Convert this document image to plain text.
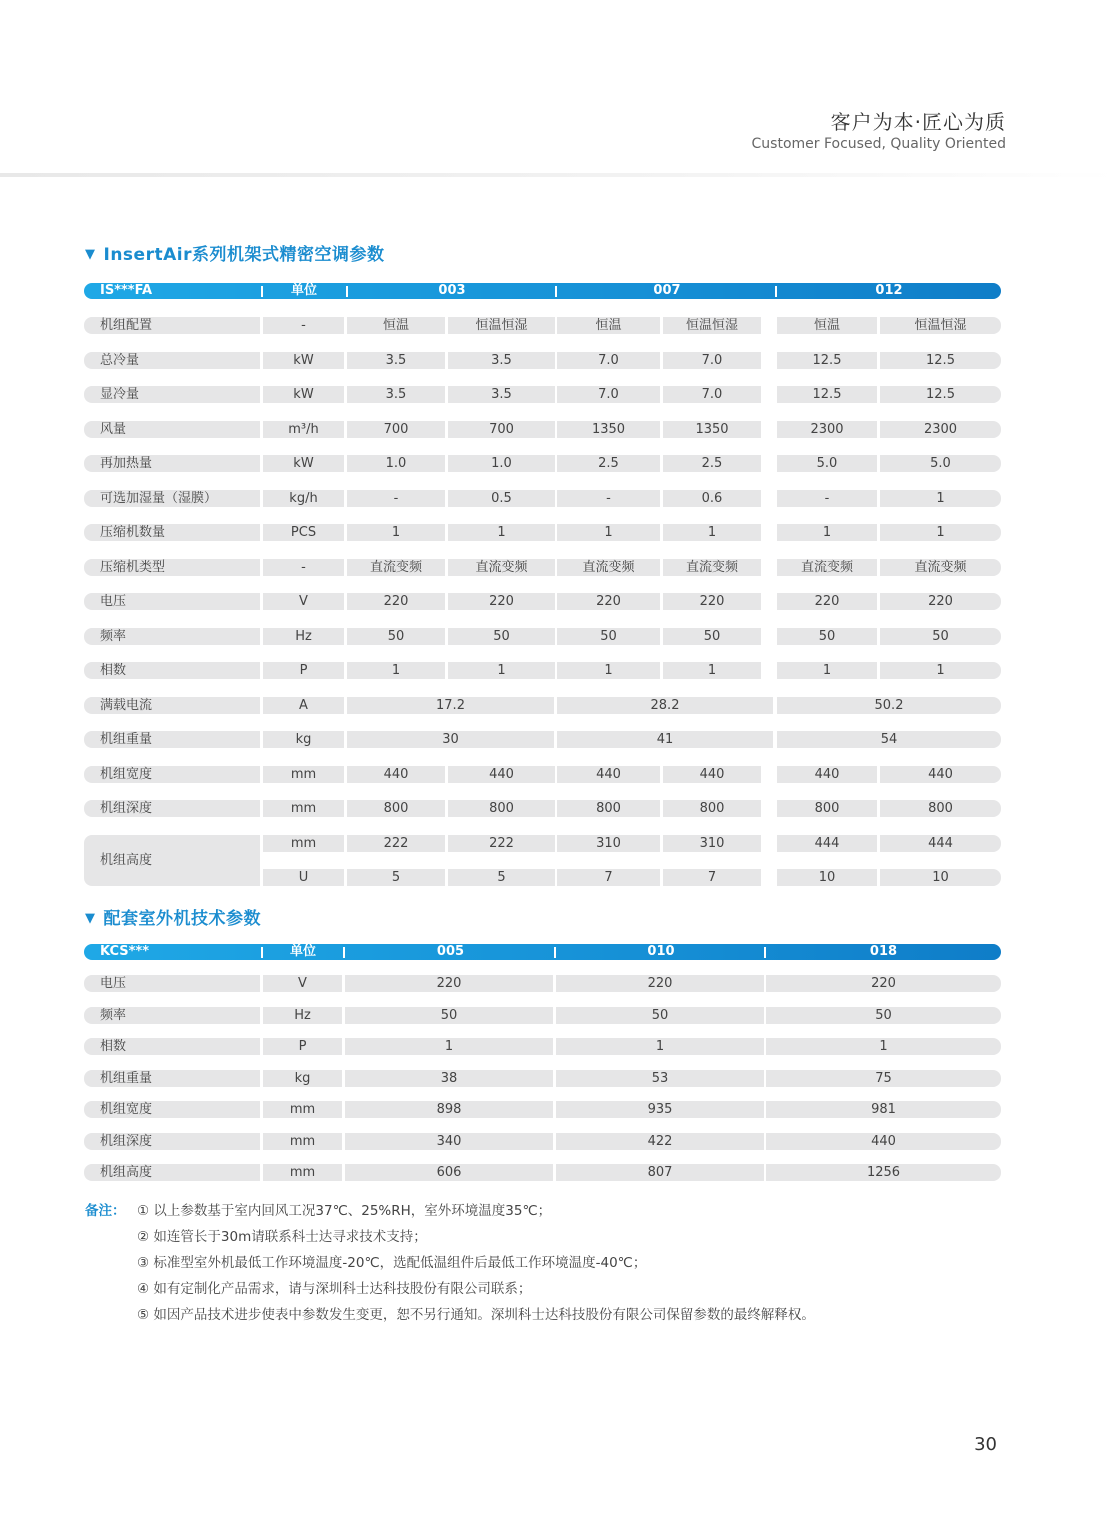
客户为本·匠心为质
Customer Focused, Quality Oriented
▼ InsertAir系列机架式精密空调参数
IS***FA	单位	003	007	012
机组配置	-	恒温	恒温恒湿	恒温	恒温恒湿	恒温	恒温恒湿
总冷量	kW	3.5	3.5	7.0	7.0	12.5	12.5
显冷量	kW	3.5	3.5	7.0	7.0	12.5	12.5
风量	m³/h	700	700	1350	1350	2300	2300
再加热量	kW	1.0	1.0	2.5	2.5	5.0	5.0
可选加湿量（湿膜）	kg/h	-	0.5	-	0.6	-	1
压缩机数量	PCS	1	1	1	1	1	1
压缩机类型	-	直流变频	直流变频	直流变频	直流变频	直流变频	直流变频
电压	V	220	220	220	220	220	220
频率	Hz	50	50	50	50	50	50
相数	P	1	1	1	1	1	1
满载电流	A	17.2	28.2	50.2
机组重量	kg	30	41	54
机组宽度	mm	440	440	440	440	440	440
机组深度	mm	800	800	800	800	800	800
机组高度
mm	222	222	310	310	444	444
U	5	5	7	7	10	10
▼ 配套室外机技术参数
KCS***	单位	005	010	018
电压	V	220	220	220
频率	Hz	50	50	50
相数	P	1	1	1
机组重量	kg	38	53	75
机组宽度	mm	898	935	981
机组深度	mm	340	422	440
机组高度	mm	606	807	1256
备注： ① 以上参数基于室内回风工况37℃、25%RH，室外环境温度35℃；
② 如连管长于30m请联系科士达寻求技术支持；
③ 标准型室外机最低工作环境温度-20℃，选配低温组件后最低工作环境温度-40℃；
④ 如有定制化产品需求，请与深圳科士达科技股份有限公司联系；
⑤ 如因产品技术进步使表中参数发生变更，恕不另行通知。深圳科士达科技股份有限公司保留参数的最终解释权。
30
